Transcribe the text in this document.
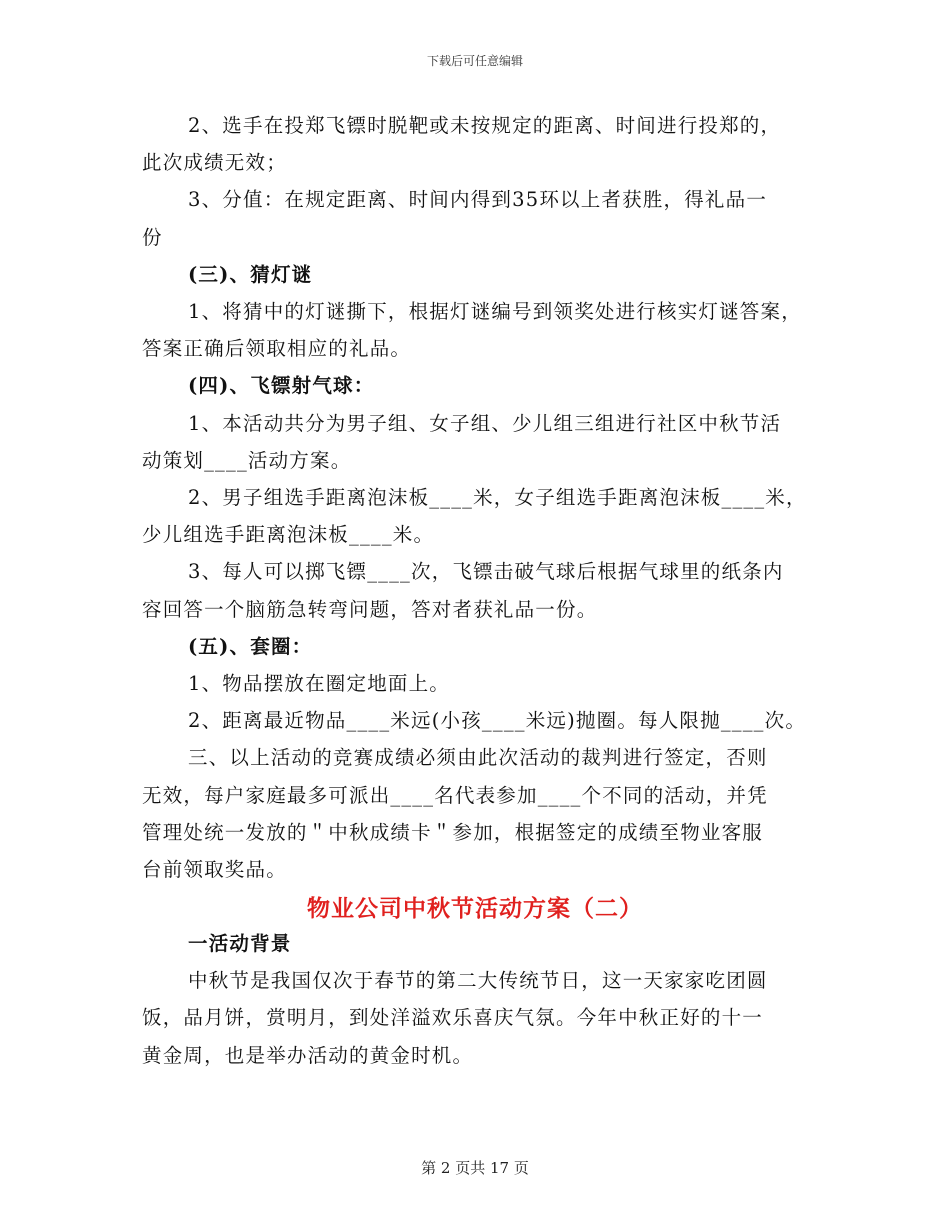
下载后可任意编辑
2、选手在投郑飞镖时脱靶或未按规定的距离、时间进行投郑的，
此次成绩无效；
3、分值：在规定距离、时间内得到35环以上者获胜，得礼品一
份
(三)、猜灯谜
1、将猜中的灯谜撕下，根据灯谜编号到领奖处进行核实灯谜答案，
答案正确后领取相应的礼品。
(四)、飞镖射气球：
1、本活动共分为男子组、女子组、少儿组三组进行社区中秋节活
动策划____活动方案。
2、男子组选手距离泡沫板____米，女子组选手距离泡沫板____米，
少儿组选手距离泡沫板____米。
3、每人可以掷飞镖____次，飞镖击破气球后根据气球里的纸条内
容回答一个脑筋急转弯问题，答对者获礼品一份。
(五)、套圈：
1、物品摆放在圈定地面上。
2、距离最近物品____米远(小孩____米远)抛圈。每人限抛____次。
三、以上活动的竞赛成绩必须由此次活动的裁判进行签定，否则
无效，每户家庭最多可派出____名代表参加____个不同的活动，并凭
管理处统一发放的＂中秋成绩卡＂参加，根据签定的成绩至物业客服
台前领取奖品。
物业公司中秋节活动方案（二）
一活动背景
中秋节是我国仅次于春节的第二大传统节日，这一天家家吃团圆
饭，品月饼，赏明月，到处洋溢欢乐喜庆气氛。今年中秋正好的十一
黄金周，也是举办活动的黄金时机。
第 2 页共 17 页
